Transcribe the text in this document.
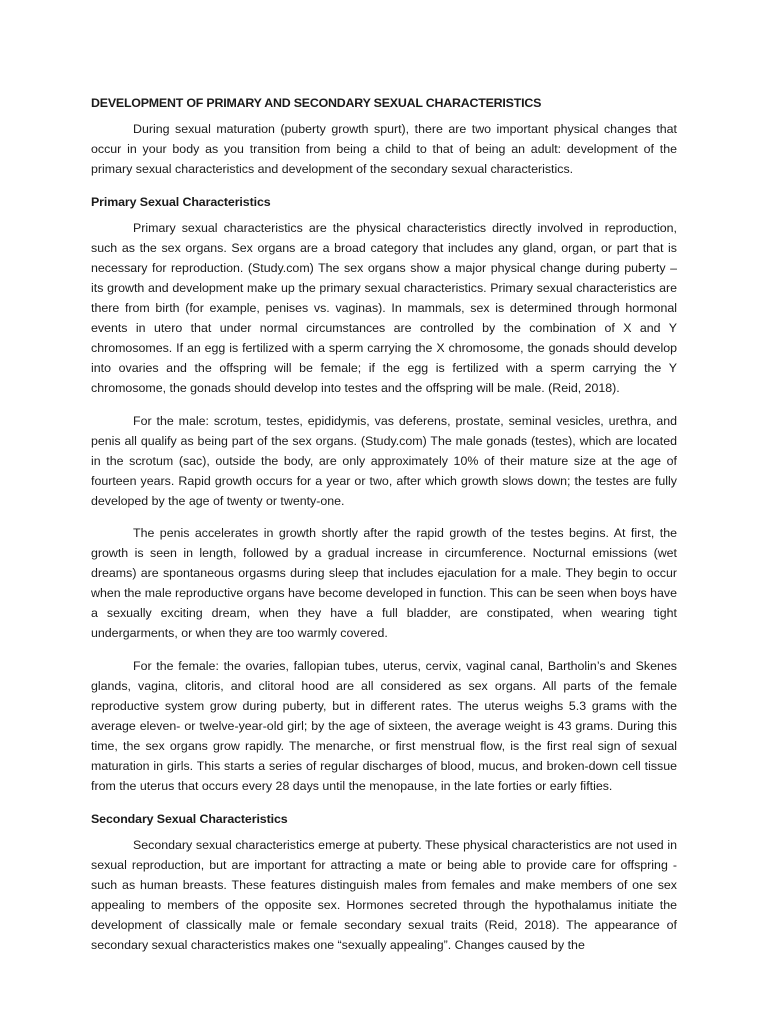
DEVELOPMENT OF PRIMARY AND SECONDARY SEXUAL CHARACTERISTICS

During sexual maturation (puberty growth spurt), there are two important physical changes that occur in your body as you transition from being a child to that of being an adult: development of the primary sexual characteristics and development of the secondary sexual characteristics.

Primary Sexual Characteristics

Primary sexual characteristics are the physical characteristics directly involved in reproduction, such as the sex organs. Sex organs are a broad category that includes any gland, organ, or part that is necessary for reproduction. (Study.com) The sex organs show a major physical change during puberty – its growth and development make up the primary sexual characteristics. Primary sexual characteristics are there from birth (for example, penises vs. vaginas). In mammals, sex is determined through hormonal events in utero that under normal circumstances are controlled by the combination of X and Y chromosomes. If an egg is fertilized with a sperm carrying the X chromosome, the gonads should develop into ovaries and the offspring will be female; if the egg is fertilized with a sperm carrying the Y chromosome, the gonads should develop into testes and the offspring will be male. (Reid, 2018).

For the male: scrotum, testes, epididymis, vas deferens, prostate, seminal vesicles, urethra, and penis all qualify as being part of the sex organs. (Study.com) The male gonads (testes), which are located in the scrotum (sac), outside the body, are only approximately 10% of their mature size at the age of fourteen years. Rapid growth occurs for a year or two, after which growth slows down; the testes are fully developed by the age of twenty or twenty-one.

The penis accelerates in growth shortly after the rapid growth of the testes begins. At first, the growth is seen in length, followed by a gradual increase in circumference. Nocturnal emissions (wet dreams) are spontaneous orgasms during sleep that includes ejaculation for a male. They begin to occur when the male reproductive organs have become developed in function. This can be seen when boys have a sexually exciting dream, when they have a full bladder, are constipated, when wearing tight undergarments, or when they are too warmly covered.

For the female: the ovaries, fallopian tubes, uterus, cervix, vaginal canal, Bartholin’s and Skenes glands, vagina, clitoris, and clitoral hood are all considered as sex organs. All parts of the female reproductive system grow during puberty, but in different rates. The uterus weighs 5.3 grams with the average eleven- or twelve-year-old girl; by the age of sixteen, the average weight is 43 grams. During this time, the sex organs grow rapidly. The menarche, or first menstrual flow, is the first real sign of sexual maturation in girls. This starts a series of regular discharges of blood, mucus, and broken-down cell tissue from the uterus that occurs every 28 days until the menopause, in the late forties or early fifties.

Secondary Sexual Characteristics

Secondary sexual characteristics emerge at puberty. These physical characteristics are not used in sexual reproduction, but are important for attracting a mate or being able to provide care for offspring - such as human breasts. These features distinguish males from females and make members of one sex appealing to members of the opposite sex. Hormones secreted through the hypothalamus initiate the development of classically male or female secondary sexual traits (Reid, 2018). The appearance of secondary sexual characteristics makes one “sexually appealing”. Changes caused by the
